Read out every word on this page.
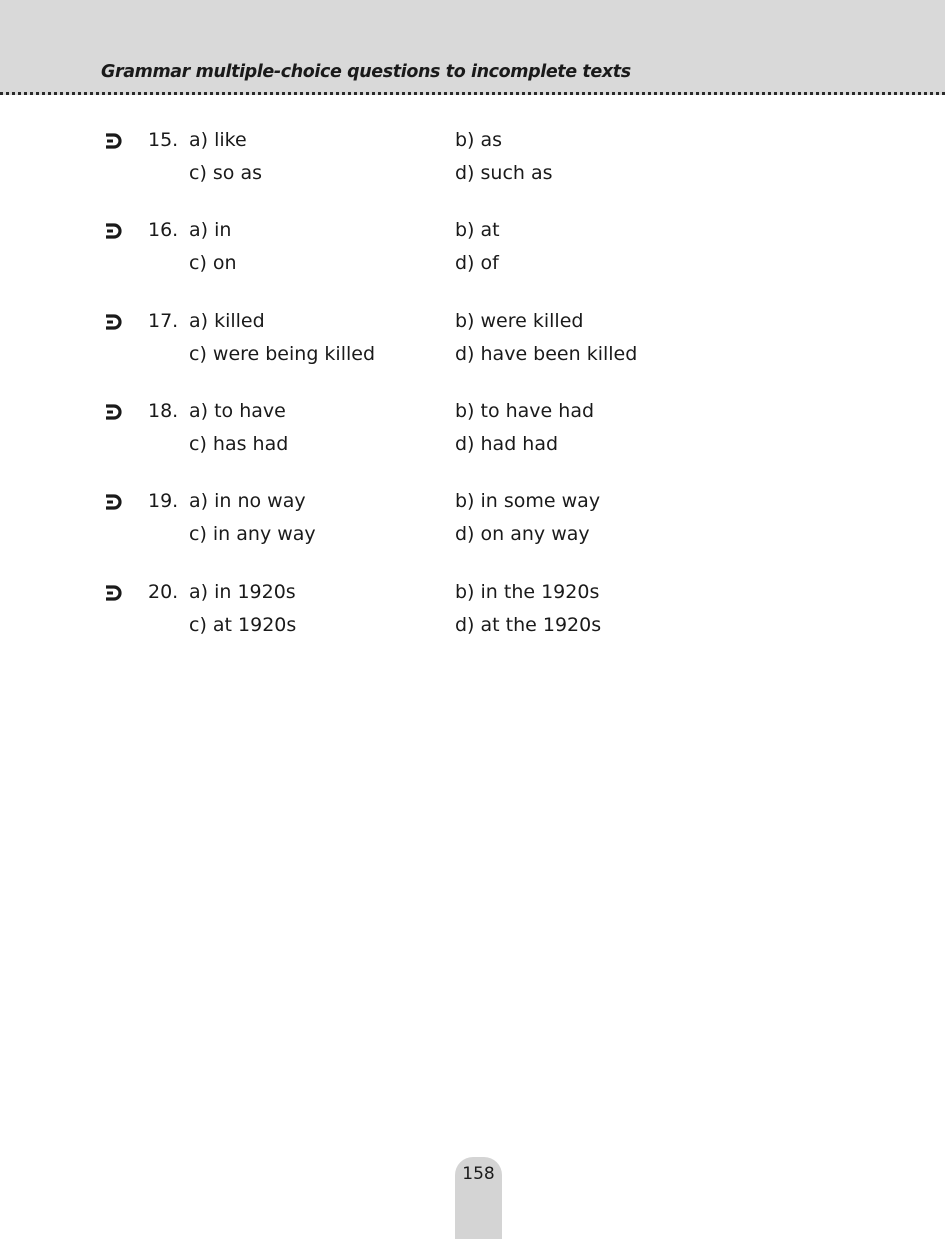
Grammar multiple-choice questions to incomplete texts
15. a) like	b) as
c) so as	d) such as
16. a) in	b) at
c) on	d) of
17. a) killed	b) were killed
c) were being killed	d) have been killed
18. a) to have	b) to have had
c) has had	d) had had
19. a) in no way	b) in some way
c) in any way	d) on any way
20. a) in 1920s	b) in the 1920s
c) at 1920s	d) at the 1920s
158
